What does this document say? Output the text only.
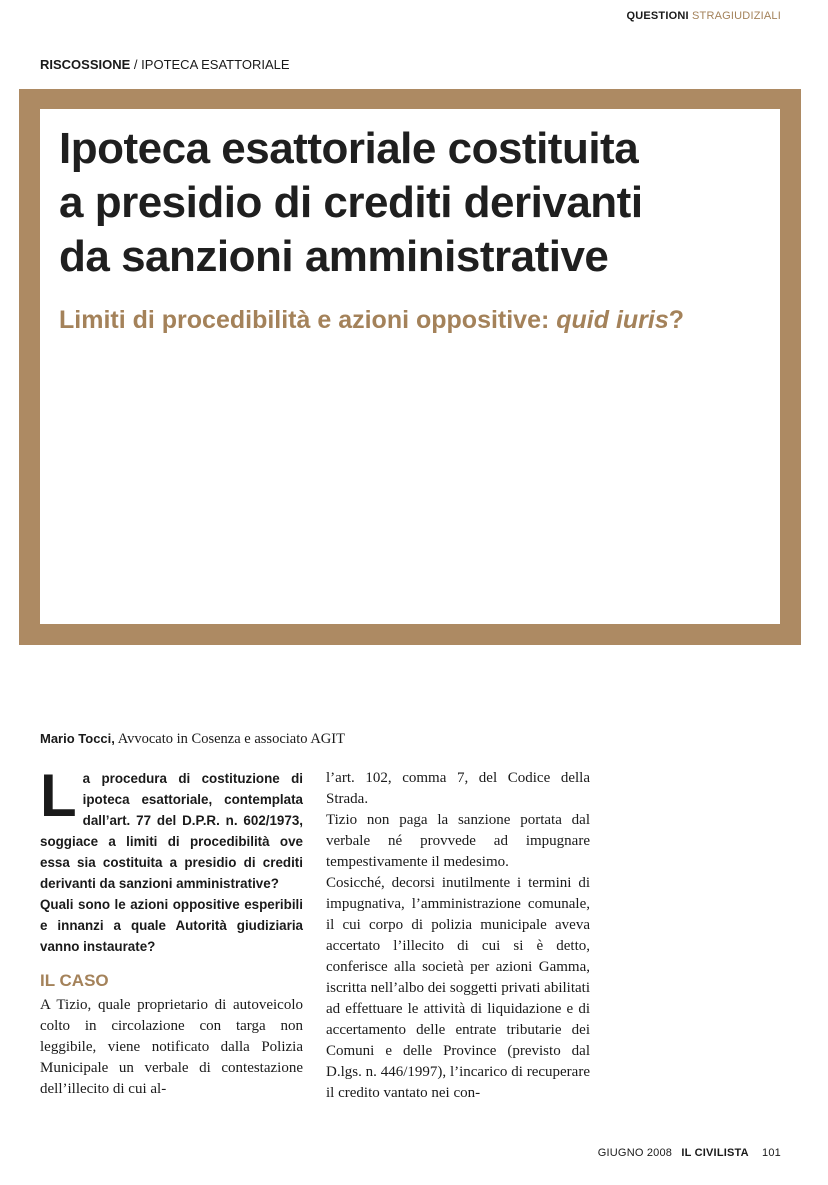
QUESTIONI STRAGIUDIZIALI
RISCOSSIONE / IPOTECA ESATTORIALE
Ipoteca esattoriale costituita
a presidio di crediti derivanti
da sanzioni amministrative
Limiti di procedibilità e azioni oppositive: quid iuris?
Mario Tocci, Avvocato in Cosenza e associato AGIT

La procedura di costituzione di ipoteca esattoriale, contemplata dall’art. 77 del D.P.R. n. 602/1973, soggiace a limiti di procedibilità ove essa sia costituita a presidio di crediti derivanti da sanzioni amministrative?

Quali sono le azioni oppositive esperibili e innanzi a quale Autorità giudiziaria vanno instaurate?

IL CASO

A Tizio, quale proprietario di autoveicolo colto in circolazione con targa non leggibile, viene notificato dalla Polizia Municipale un verbale di contestazione dell’illecito di cui al-

l’art. 102, comma 7, del Codice della Strada.

Tizio non paga la sanzione portata dal verbale né provvede ad impugnare tempestivamente il medesimo.

Cosicché, decorsi inutilmente i termini di impugnativa, l’amministrazione comunale, il cui corpo di polizia municipale aveva accertato l’illecito di cui si è detto, conferisce alla società per azioni Gamma, iscritta nell’albo dei soggetti privati abilitati ad effettuare le attività di liquidazione e di accertamento delle entrate tributarie dei Comuni e delle Province (previsto dal D.lgs. n. 446/1997), l’incarico di recuperare il credito vantato nei con-

GIUGNO 2008 IL CIVILISTA 101
